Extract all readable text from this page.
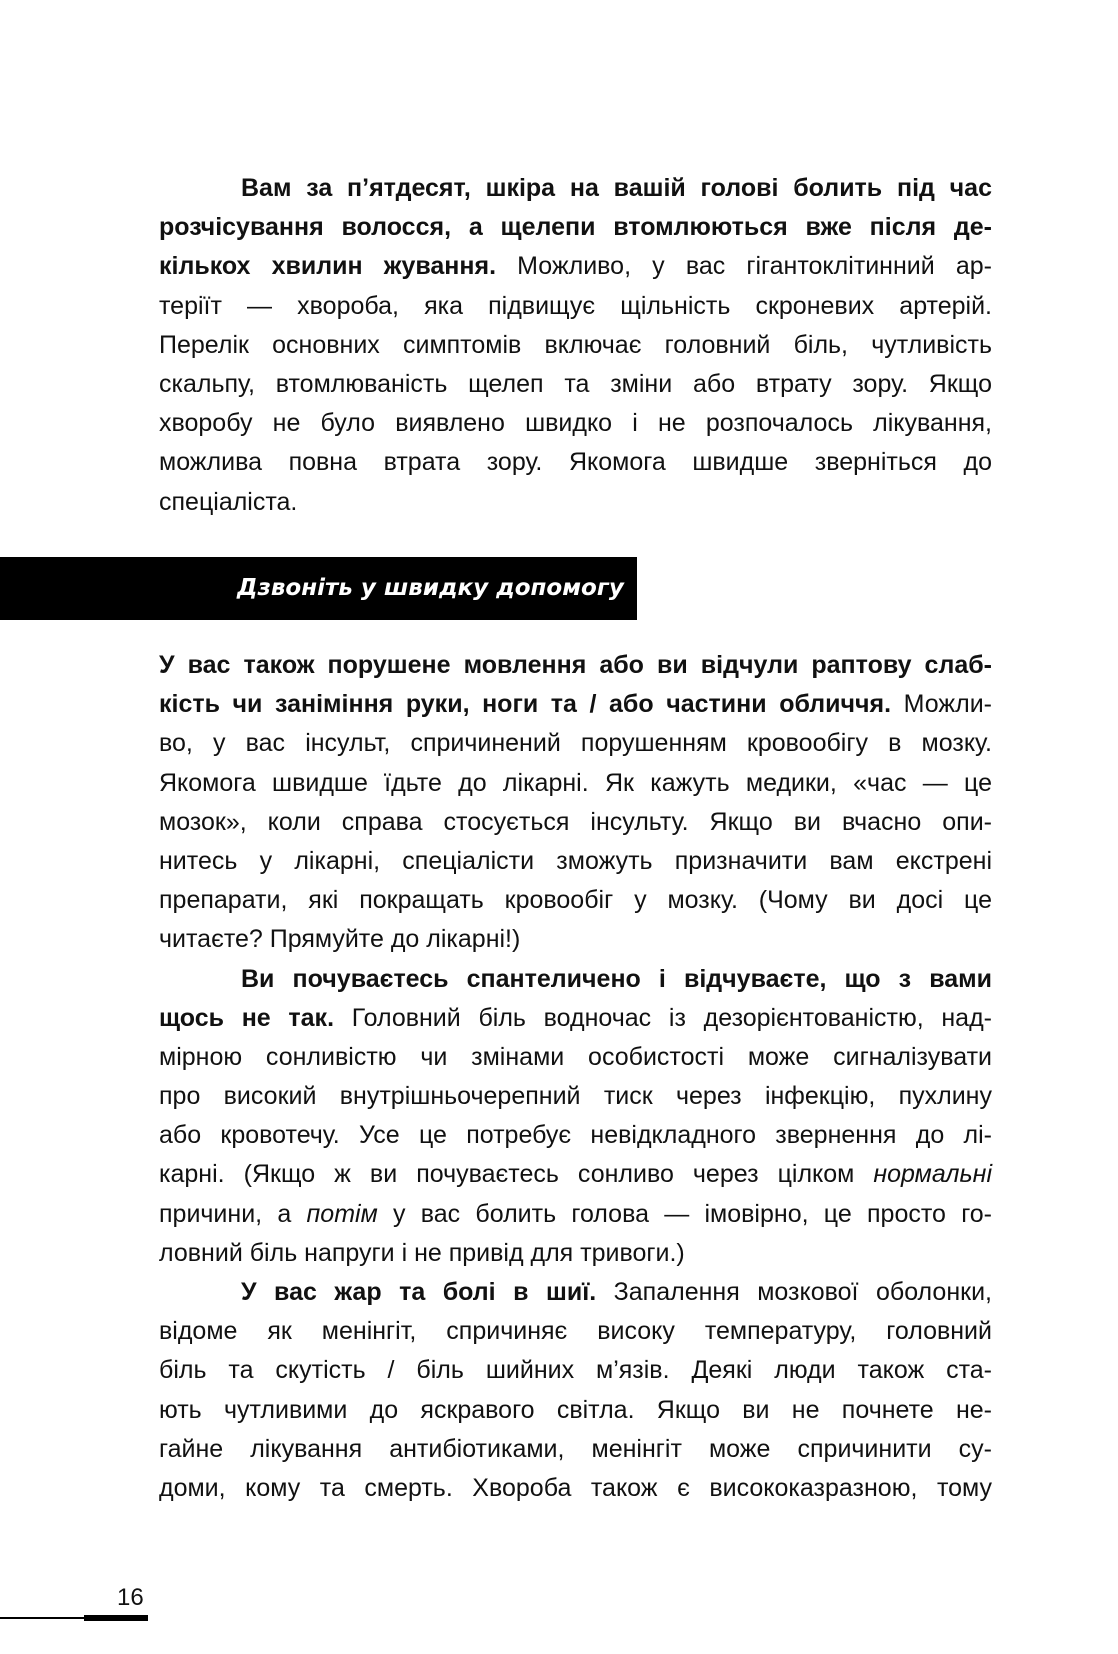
Вам за п’ятдесят, шкіра на вашій голові болить під час
розчісування волосся, а щелепи втомлюються вже після де-
кількох хвилин жування. Можливо, у вас гігантоклітинний ар-
теріїт — хвороба, яка підвищує щільність скроневих артерій.
Перелік основних симптомів включає головний біль, чутливість
скальпу, втомлюваність щелеп та зміни або втрату зору. Якщо
хворобу не було виявлено швидко і не розпочалось лікування,
можлива повна втрата зору. Якомога швидше зверніться до
спеціаліста.
Дзвоніть у швидку допомогу
У вас також порушене мовлення або ви відчули раптову слаб-
кість чи заніміння руки, ноги та / або частини обличчя. Можли-
во, у вас інсульт, спричинений порушенням кровообігу в мозку.
Якомога швидше їдьте до лікарні. Як кажуть медики, «час — це
мозок», коли справа стосується інсульту. Якщо ви вчасно опи-
нитесь у лікарні, спеціалісти зможуть призначити вам екстрені
препарати, які покращать кровообіг у мозку. (Чому ви досі це
читаєте? Прямуйте до лікарні!)
Ви почуваєтесь спантеличено і відчуваєте, що з вами
щось не так. Головний біль водночас із дезорієнтованістю, над-
мірною сонливістю чи змінами особистості може сигналізувати
про високий внутрішньочерепний тиск через інфекцію, пухлину
або кровотечу. Усе це потребує невідкладного звернення до лі-
карні. (Якщо ж ви почуваєтесь сонливо через цілком нормальні
причини, а потім у вас болить голова — імовірно, це просто го-
ловний біль напруги і не привід для тривоги.)
У вас жар та болі в шиї. Запалення мозкової оболонки,
відоме як менінгіт, спричиняє високу температуру, головний
біль та скутість / біль шийних м’язів. Деякі люди також ста-
ють чутливими до яскравого світла. Якщо ви не почнете не-
гайне лікування антибіотиками, менінгіт може спричинити су-
доми, кому та смерть. Хвороба також є висококазразною, тому
16
